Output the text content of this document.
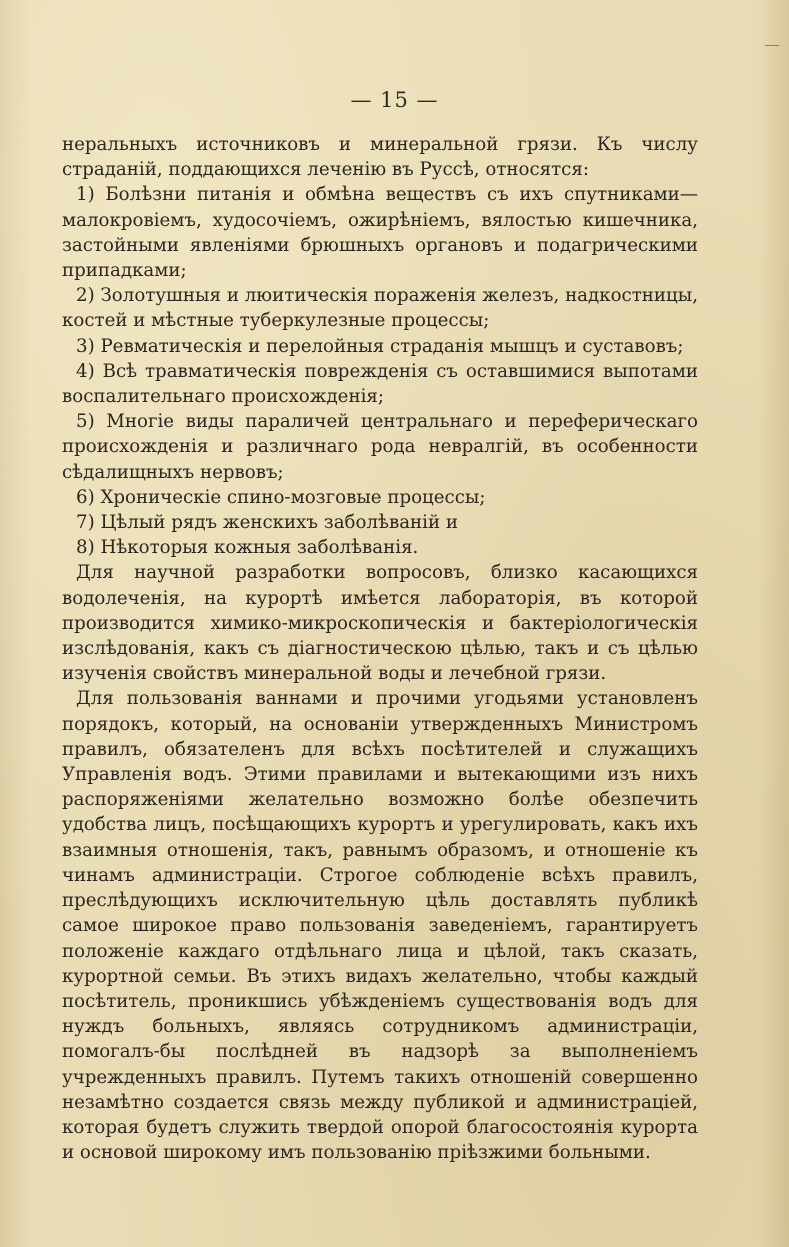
— 15 —

неральныхъ источниковъ и минеральной грязи. Къ числу страданій, поддающихся леченію въ Руссѣ, относятся:

1) Болѣзни питанія и обмѣна веществъ съ ихъ спутниками— малокровіемъ, худосочіемъ, ожирѣніемъ, вялостью кишечника, застойными явленіями брюшныхъ органовъ и подагрическими припадками;

2) Золотушныя и люитическія пораженія железъ, надкостницы, костей и мѣстные туберкулезные процессы;

3) Ревматическія и перелойныя страданія мышцъ и суставовъ;

4) Всѣ травматическія поврежденія съ оставшимися выпотами воспалительнаго происхожденія;

5) Многіе виды параличей центральнаго и переферическаго происхожденія и различнаго рода невралгій, въ особенности сѣдалищныхъ нервовъ;

6) Хроническіе спино-мозговые процессы;

7) Цѣлый рядъ женскихъ заболѣваній и

8) Нѣкоторыя кожныя заболѣванія.

Для научной разработки вопросовъ, близко касающихся водолеченія, на курортѣ имѣется лабораторія, въ которой производится химико-микроскопическія и бактеріологическія изслѣдованія, какъ съ діагностическою цѣлью, такъ и съ цѣлью изученія свойствъ минеральной воды и лечебной грязи.

Для пользованія ваннами и прочими угодьями установленъ порядокъ, который, на основаніи утвержденныхъ Министромъ правилъ, обязателенъ для всѣхъ посѣтителей и служащихъ Управленія водъ. Этими правилами и вытекающими изъ нихъ распоряженіями желательно возможно болѣе обезпечить удобства лицъ, посѣщающихъ курортъ и урегулировать, какъ ихъ взаимныя отношенія, такъ, равнымъ образомъ, и отношеніе къ чинамъ администраціи. Строгое соблюденіе всѣхъ правилъ, преслѣдующихъ исключительную цѣль доставлять публикѣ самое широкое право пользованія заведеніемъ, гарантируетъ положеніе каждаго отдѣльнаго лица и цѣлой, такъ сказать, курортной семьи. Въ этихъ видахъ желательно, чтобы каждый посѣтитель, проникшись убѣжденіемъ существованія водъ для нуждъ больныхъ, являясь сотрудникомъ администраціи, помогалъ-бы послѣдней въ надзорѣ за выполненіемъ учрежденныхъ правилъ. Путемъ такихъ отношеній совершенно незамѣтно создается связь между публикой и администраціей, которая будетъ служить твердой опорой благосостоянія курорта и основой широкому имъ пользованію пріѣзжими больными.
